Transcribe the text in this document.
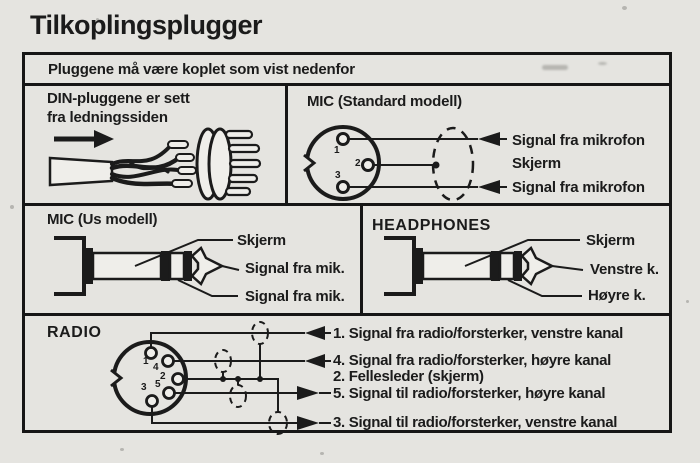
Tilkoplingsplugger
Pluggene må være koplet som vist nedenfor
DIN-pluggene er sett
fra ledningssiden
MIC (Standard modell)
1
2
3
Signal fra mikrofon
Skjerm
Signal fra mikrofon
MIC (Us modell)
Skjerm
Signal fra mik.
Signal fra mik.
HEADPHONES
Skjerm
Venstre k.
Høyre k.
RADIO
1
4
2
5
3
1. Signal fra radio/forsterker, venstre kanal
4. Signal fra radio/forsterker, høyre kanal
2. Fellesleder (skjerm)
5. Signal til radio/forsterker, høyre kanal
3. Signal til radio/forsterker, venstre kanal
